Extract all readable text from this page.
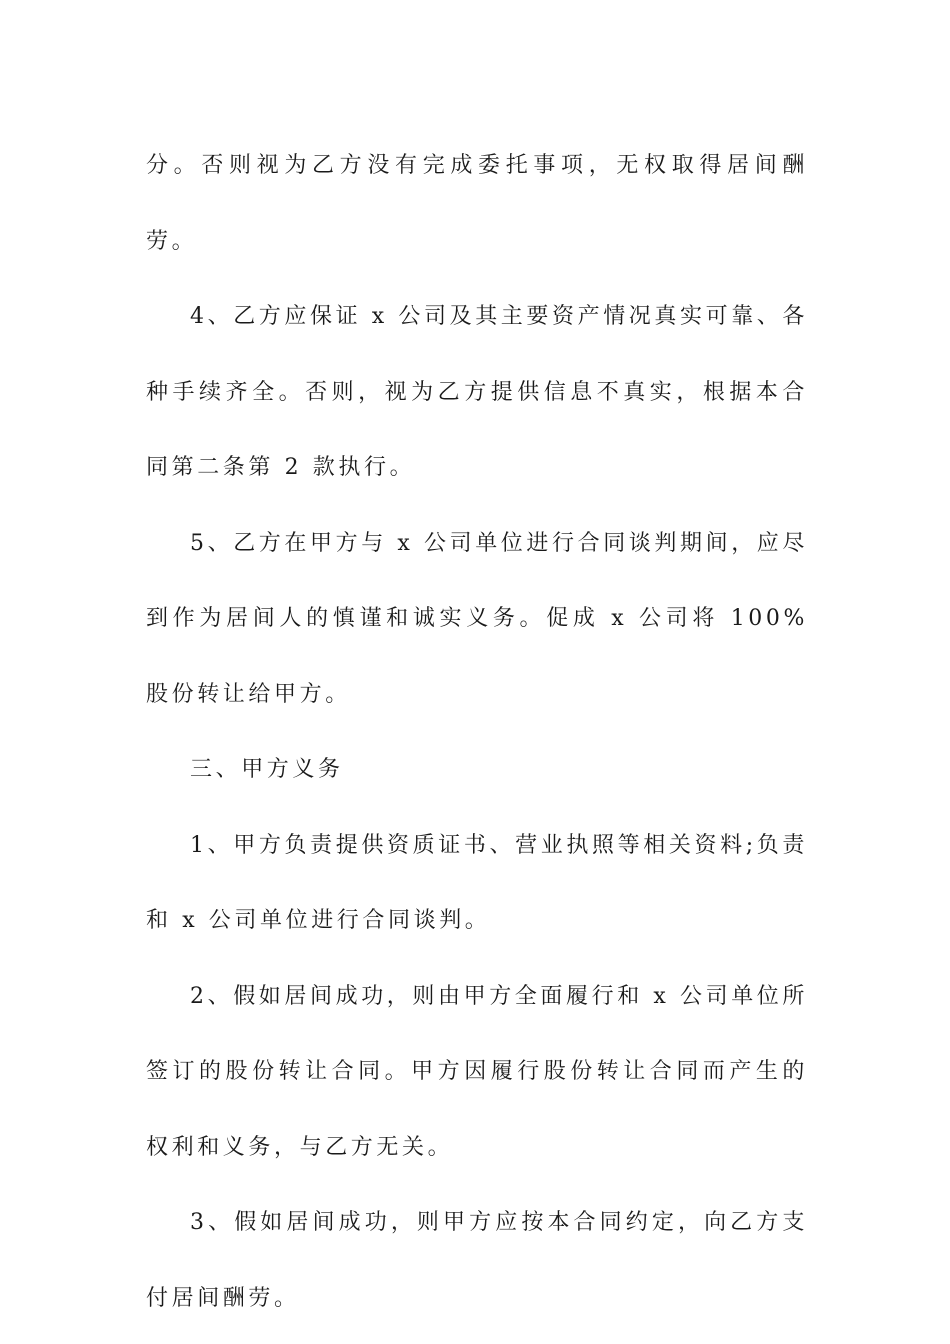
分。否则视为乙方没有完成委托事项，无权取得居间酬劳。

4、乙方应保证 x 公司及其主要资产情况真实可靠、各种手续齐全。否则，视为乙方提供信息不真实，根据本合同第二条第 2 款执行。

5、乙方在甲方与 x 公司单位进行合同谈判期间，应尽到作为居间人的慎谨和诚实义务。促成 x 公司将 100%股份转让给甲方。

三、甲方义务

1、甲方负责提供资质证书、营业执照等相关资料;负责和 x 公司单位进行合同谈判。

2、假如居间成功，则由甲方全面履行和 x 公司单位所签订的股份转让合同。甲方因履行股份转让合同而产生的权利和义务，与乙方无关。

3、假如居间成功，则甲方应按本合同约定，向乙方支付居间酬劳。
